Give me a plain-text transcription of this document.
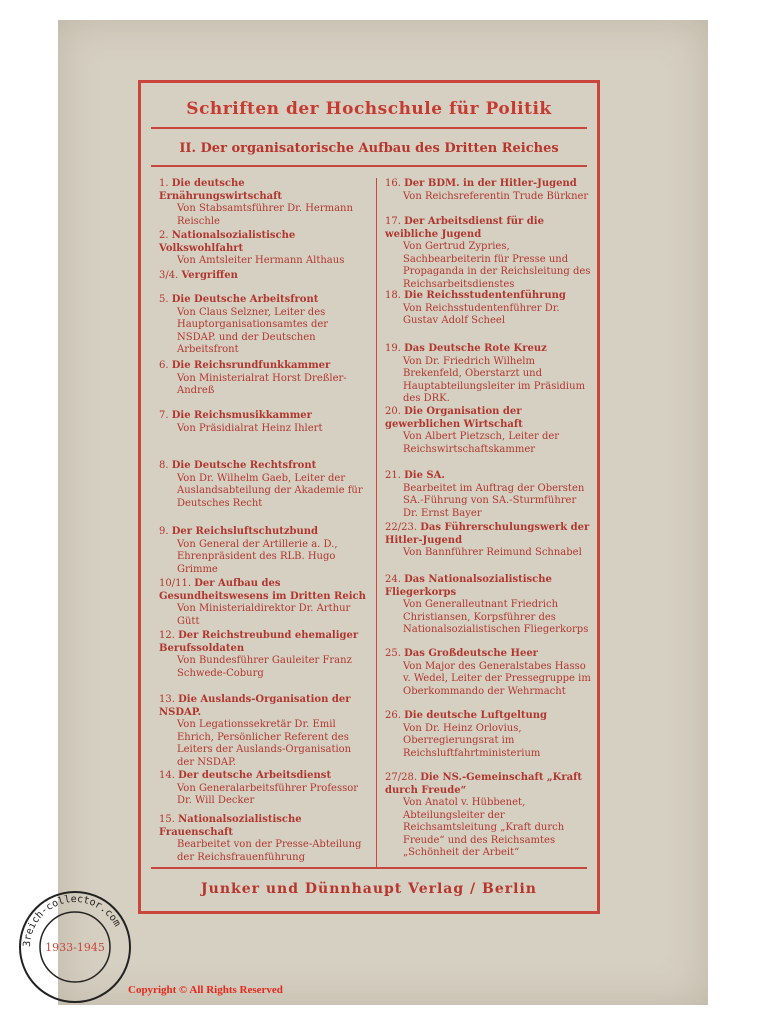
Schriften der Hochschule für Politik
II. Der organisatorische Aufbau des Dritten Reiches
1. Die deutsche Ernährungswirtschaft
Von Stabsamtsführer Dr. Hermann Reischle
2. Nationalsozialistische Volkswohlfahrt
Von Amtsleiter Hermann Althaus
3/4. Vergriffen
5. Die Deutsche Arbeitsfront
Von Claus Selzner, Leiter des Hauptorganisationsamtes der NSDAP. und der Deutschen Arbeitsfront
6. Die Reichsrundfunkkammer
Von Ministerialrat Horst Dreßler-Andreß
7. Die Reichsmusikkammer
Von Präsidialrat Heinz Ihlert
8. Die Deutsche Rechtsfront
Von Dr. Wilhelm Gaeb, Leiter der Auslandsabteilung der Akademie für Deutsches Recht
9. Der Reichsluftschutzbund
Von General der Artillerie a. D., Ehrenpräsident des RLB. Hugo Grimme
10/11. Der Aufbau des Gesundheitswesens im Dritten Reich
Von Ministerialdirektor Dr. Arthur Gütt
12. Der Reichstreubund ehemaliger Berufssoldaten
Von Bundesführer Gauleiter Franz Schwede-Coburg
13. Die Auslands-Organisation der NSDAP.
Von Legationssekretär Dr. Emil Ehrich, Persönlicher Referent des Leiters der Auslands-Organisation der NSDAP.
14. Der deutsche Arbeitsdienst
Von Generalarbeitsführer Professor Dr. Will Decker
15. Nationalsozialistische Frauenschaft
Bearbeitet von der Presse-Abteilung der Reichsfrauenführung
16. Der BDM. in der Hitler-Jugend
Von Reichsreferentin Trude Bürkner
17. Der Arbeitsdienst für die weibliche Jugend
Von Gertrud Zypries, Sachbearbeiterin für Presse und Propaganda in der Reichsleitung des Reichsarbeitsdienstes
18. Die Reichsstudentenführung
Von Reichsstudentenführer Dr. Gustav Adolf Scheel
19. Das Deutsche Rote Kreuz
Von Dr. Friedrich Wilhelm Brekenfeld, Oberstarzt und Hauptabteilungsleiter im Präsidium des DRK.
20. Die Organisation der gewerblichen Wirtschaft
Von Albert Pietzsch, Leiter der Reichswirtschaftskammer
21. Die SA.
Bearbeitet im Auftrag der Obersten SA.-Führung von SA.-Sturmführer Dr. Ernst Bayer
22/23. Das Führerschulungswerk der Hitler-Jugend
Von Bannführer Reimund Schnabel
24. Das Nationalsozialistische Fliegerkorps
Von Generalleutnant Friedrich Christiansen, Korpsführer des Nationalsozialistischen Fliegerkorps
25. Das Großdeutsche Heer
Von Major des Generalstabes Hasso v. Wedel, Leiter der Pressegruppe im Oberkommando der Wehrmacht
26. Die deutsche Luftgeltung
Von Dr. Heinz Orlovius, Oberregierungsrat im Reichsluftfahrtministerium
27/28. Die NS.-Gemeinschaft „Kraft durch Freude“
Von Anatol v. Hübbenet, Abteilungsleiter der Reichsamtsleitung „Kraft durch Freude“ und des Reichsamtes „Schönheit der Arbeit“
Junker und Dünnhaupt Verlag / Berlin
3reich-collector.com
1933-1945
Copyright © All Rights Reserved
